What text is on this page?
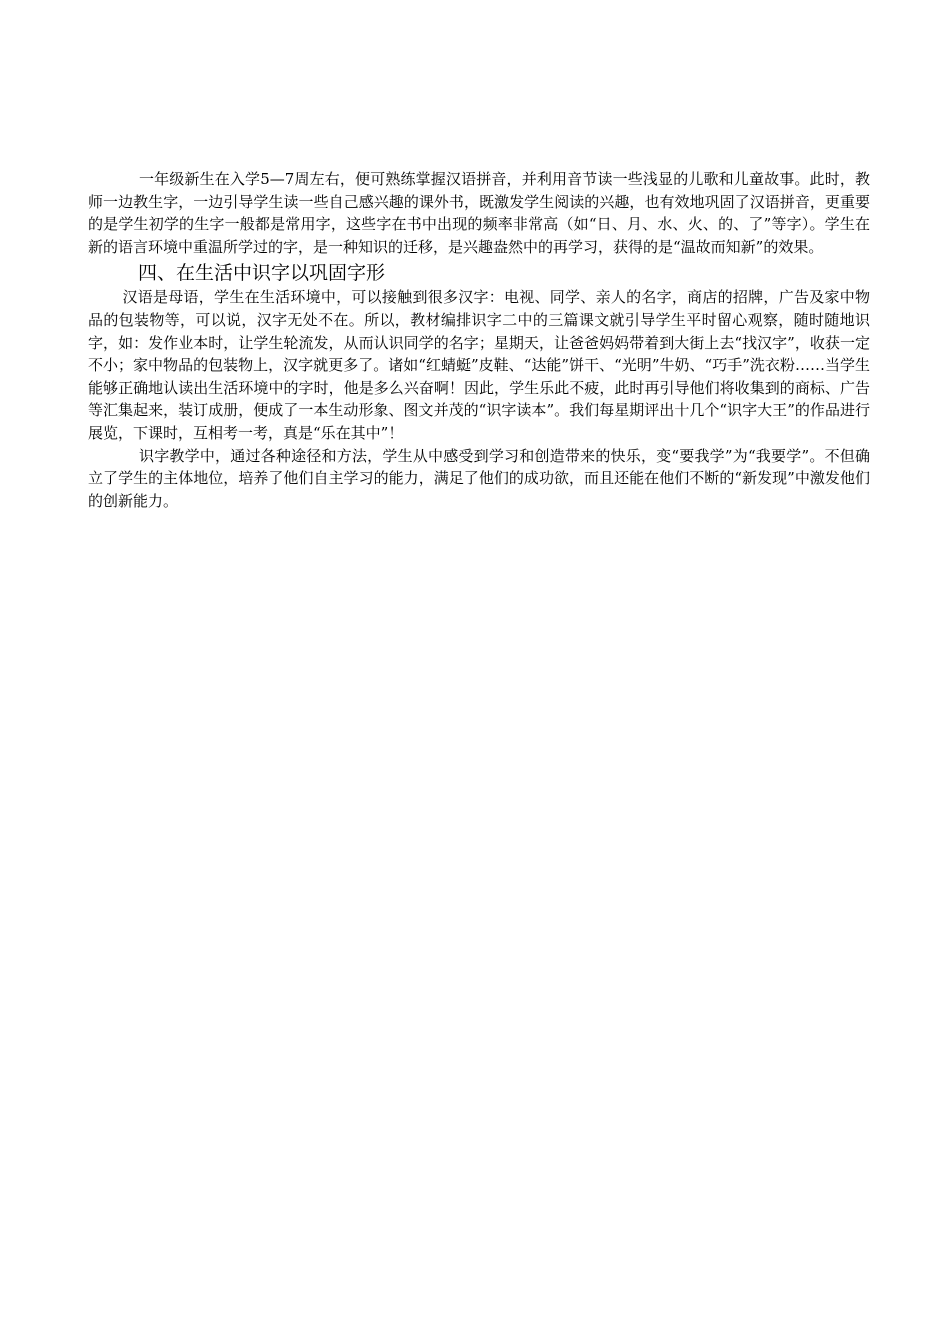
一年级新生在入学5—7周左右，便可熟练掌握汉语拼音，并利用音节读一些浅显的儿歌和儿童故事。此时，教师一边教生字，一边引导学生读一些自己感兴趣的课外书，既激发学生阅读的兴趣，也有效地巩固了汉语拼音，更重要的是学生初学的生字一般都是常用字，这些字在书中出现的频率非常高（如“日、月、水、火、的、了”等字）。学生在新的语言环境中重温所学过的字，是一种知识的迁移，是兴趣盎然中的再学习，获得的是“温故而知新”的效果。

四、在生活中识字以巩固字形

汉语是母语，学生在生活环境中，可以接触到很多汉字：电视、同学、亲人的名字，商店的招牌，广告及家中物品的包装物等，可以说，汉字无处不在。所以，教材编排识字二中的三篇课文就引导学生平时留心观察，随时随地识字，如：发作业本时，让学生轮流发，从而认识同学的名字；星期天，让爸爸妈妈带着到大街上去“找汉字”，收获一定不小；家中物品的包装物上，汉字就更多了。诸如“红蜻蜓”皮鞋、“达能”饼干、“光明”牛奶、“巧手”洗衣粉……当学生能够正确地认读出生活环境中的字时，他是多么兴奋啊！因此，学生乐此不疲，此时再引导他们将收集到的商标、广告等汇集起来，装订成册，便成了一本生动形象、图文并茂的“识字读本”。我们每星期评出十几个“识字大王”的作品进行展览，下课时，互相考一考，真是“乐在其中”！

识字教学中，通过各种途径和方法，学生从中感受到学习和创造带来的快乐，变“要我学”为“我要学”。不但确立了学生的主体地位，培养了他们自主学习的能力，满足了他们的成功欲，而且还能在他们不断的“新发现”中激发他们的创新能力。
